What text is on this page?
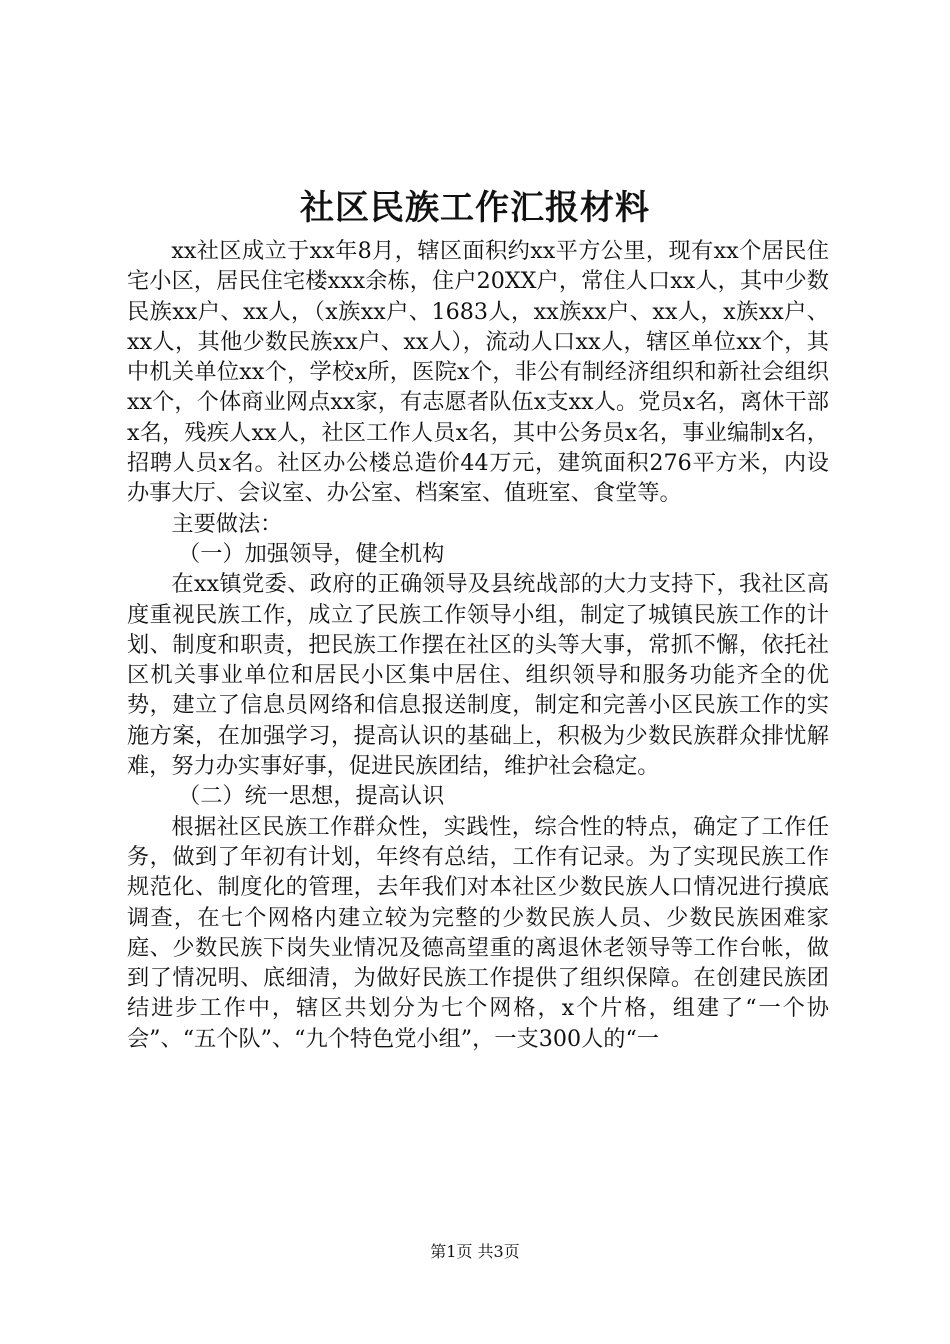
社区民族工作汇报材料

xx社区成立于xx年8月，辖区面积约xx平方公里，现有xx个居民住宅小区，居民住宅楼xxx余栋，住户20XX户，常住人口xx人，其中少数民族xx户、xx人，（x族xx户、1683人，xx族xx户、xx人，x族xx户、xx人，其他少数民族xx户、xx人），流动人口xx人，辖区单位xx个，其中机关单位xx个，学校x所，医院x个，非公有制经济组织和新社会组织xx个，个体商业网点xx家，有志愿者队伍x支xx人。党员x名，离休干部x名，残疾人xx人，社区工作人员x名，其中公务员x名，事业编制x名，招聘人员x名。社区办公楼总造价44万元，建筑面积276平方米，内设办事大厅、会议室、办公室、档案室、值班室、食堂等。

主要做法：

（一）加强领导，健全机构

在xx镇党委、政府的正确领导及县统战部的大力支持下，我社区高度重视民族工作，成立了民族工作领导小组，制定了城镇民族工作的计划、制度和职责，把民族工作摆在社区的头等大事，常抓不懈，依托社区机关事业单位和居民小区集中居住、组织领导和服务功能齐全的优势，建立了信息员网络和信息报送制度，制定和完善小区民族工作的实施方案，在加强学习，提高认识的基础上，积极为少数民族群众排忧解难，努力办实事好事，促进民族团结，维护社会稳定。

（二）统一思想，提高认识

根据社区民族工作群众性，实践性，综合性的特点，确定了工作任务，做到了年初有计划，年终有总结，工作有记录。为了实现民族工作规范化、制度化的管理，去年我们对本社区少数民族人口情况进行摸底调查，在七个网格内建立较为完整的少数民族人员、少数民族困难家庭、少数民族下岗失业情况及德高望重的离退休老领导等工作台帐，做到了情况明、底细清，为做好民族工作提供了组织保障。在创建民族团结进步工作中，辖区共划分为七个网格，x个片格，组建了“一个协会”、“五个队”、“九个特色党小组”，一支300人的“一

第1页 共3页
